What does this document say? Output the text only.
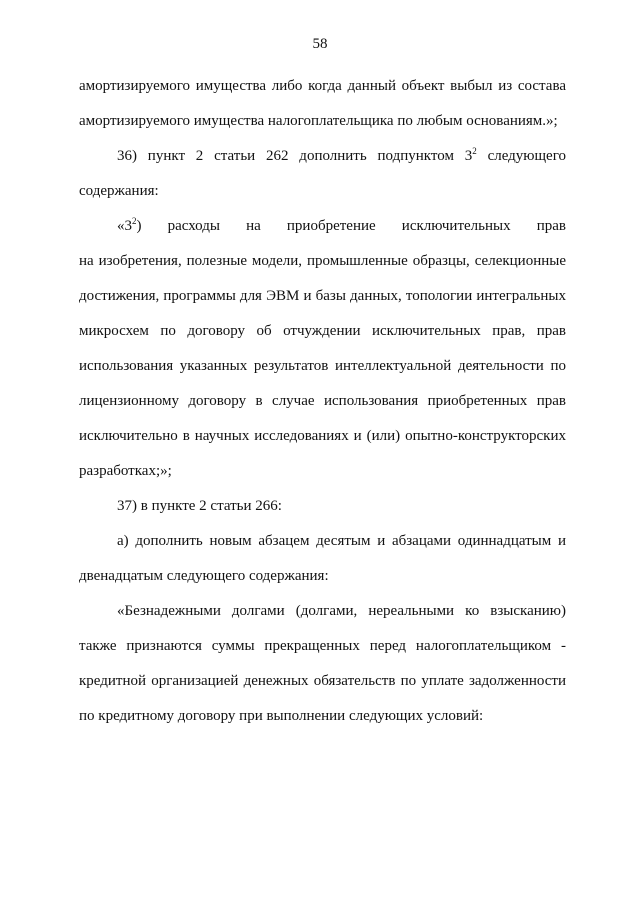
58
амортизируемого имущества либо когда данный объект выбыл из состава
амортизируемого имущества налогоплательщика по любым основаниям.»;
36) пункт 2 статьи 262 дополнить подпунктом $3^2$ следующего
содержания:
«$3^2$) расходы на приобретение исключительных прав
на изобретения, полезные модели, промышленные образцы, селекционные
достижения, программы для ЭВМ и базы данных, топологии интегральных
микросхем по договору об отчуждении исключительных прав, прав
использования указанных результатов интеллектуальной деятельности по
лицензионному договору в случае использования приобретенных прав
исключительно в научных исследованиях и (или) опытно-конструкторских
разработках;»;
37) в пункте 2 статьи 266:
а) дополнить новым абзацем десятым и абзацами одиннадцатым и
двенадцатым следующего содержания:
«Безнадежными долгами (долгами, нереальными ко взысканию)
также признаются суммы прекращенных перед налогоплательщиком -
кредитной организацией денежных обязательств по уплате задолженности
по кредитному договору при выполнении следующих условий:
